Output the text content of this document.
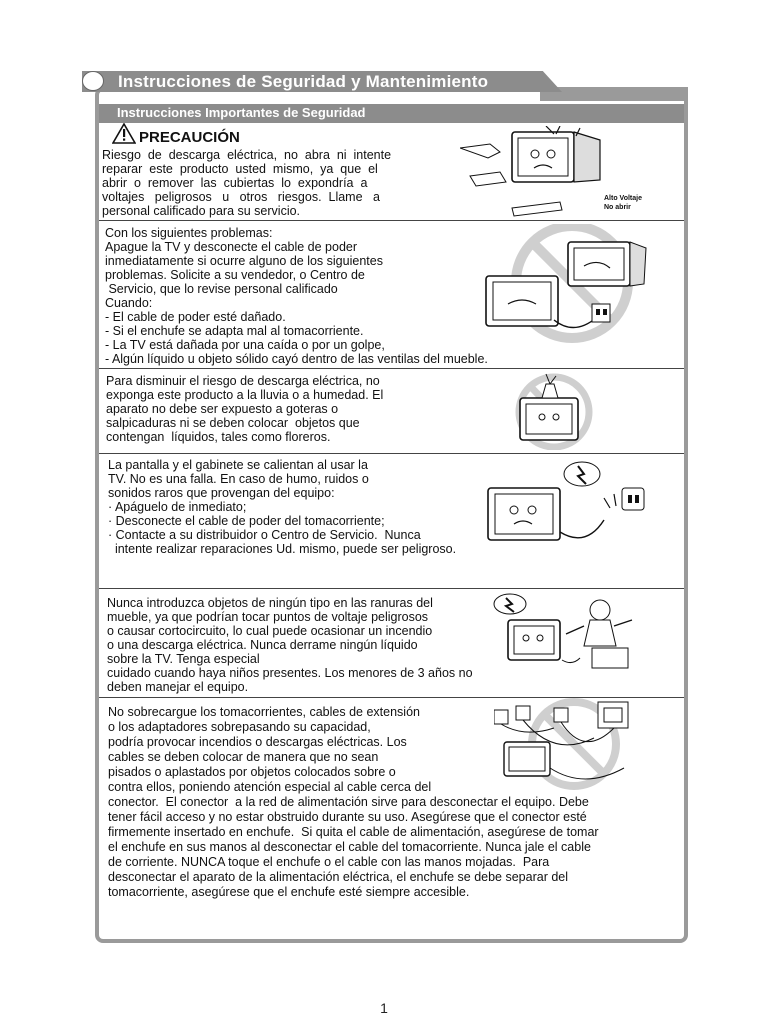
Instrucciones de Seguridad y Mantenimiento
Instrucciones Importantes de Seguridad
PRECAUCIÓN
Riesgo  de  descarga  eléctrica,  no  abra  ni  intente
reparar  este  producto  usted  mismo,  ya  que  el
abrir  o  remover  las  cubiertas  lo  expondría  a
voltajes   peligrosos   u   otros   riesgos.  Llame   a
personal calificado para su servicio.
Alto Voltaje
No abrir
Con los siguientes problemas:
Apague la TV y desconecte el cable de poder
inmediatamente si ocurre alguno de los siguientes
problemas. Solicite a su vendedor, o Centro de
Servicio, que lo revise personal calificado
Cuando:
- El cable de poder esté dañado.
- Si el enchufe se adapta mal al tomacorriente.
- La TV está dañada por una caída o por un golpe,
- Algún líquido u objeto sólido cayó dentro de las ventilas del mueble.
Para disminuir el riesgo de descarga eléctrica, no
exponga este producto a la lluvia o a humedad. El
aparato no debe ser expuesto a goteras o
salpicaduras ni se deben colocar  objetos que
contengan  líquidos, tales como floreros.
La pantalla y el gabinete se calientan al usar la
TV. No es una falla. En caso de humo, ruidos o
sonidos raros que provengan del equipo:
· Apáguelo de inmediato;
· Desconecte el cable de poder del tomacorriente;
· Contacte a su distribuidor o Centro de Servicio.  Nunca
intente realizar reparaciones Ud. mismo, puede ser peligroso.
Nunca introduzca objetos de ningún tipo en las ranuras del
mueble, ya que podrían tocar puntos de voltaje peligrosos
o causar cortocircuito, lo cual puede ocasionar un incendio
o una descarga eléctrica. Nunca derrame ningún líquido
sobre la TV. Tenga especial
cuidado cuando haya niños presentes. Los menores de 3 años no
deben manejar el equipo.
No sobrecargue los tomacorrientes, cables de extensión
o los adaptadores sobrepasando su capacidad,
podría provocar incendios o descargas eléctricas. Los
cables se deben colocar de manera que no sean
pisados o aplastados por objetos colocados sobre o
contra ellos, poniendo atención especial al cable cerca del
conector.  El conector  a la red de alimentación sirve para desconectar el equipo. Debe
tener fácil acceso y no estar obstruido durante su uso. Asegúrese que el conector esté
firmemente insertado en enchufe.  Si quita el cable de alimentación, asegúrese de tomar
el enchufe en sus manos al desconectar el cable del tomacorriente. Nunca jale el cable
de corriente. NUNCA toque el enchufe o el cable con las manos mojadas.  Para
desconectar el aparato de la alimentación eléctrica, el enchufe se debe separar del
tomacorriente, asegúrese que el enchufe esté siempre accesible.
1
